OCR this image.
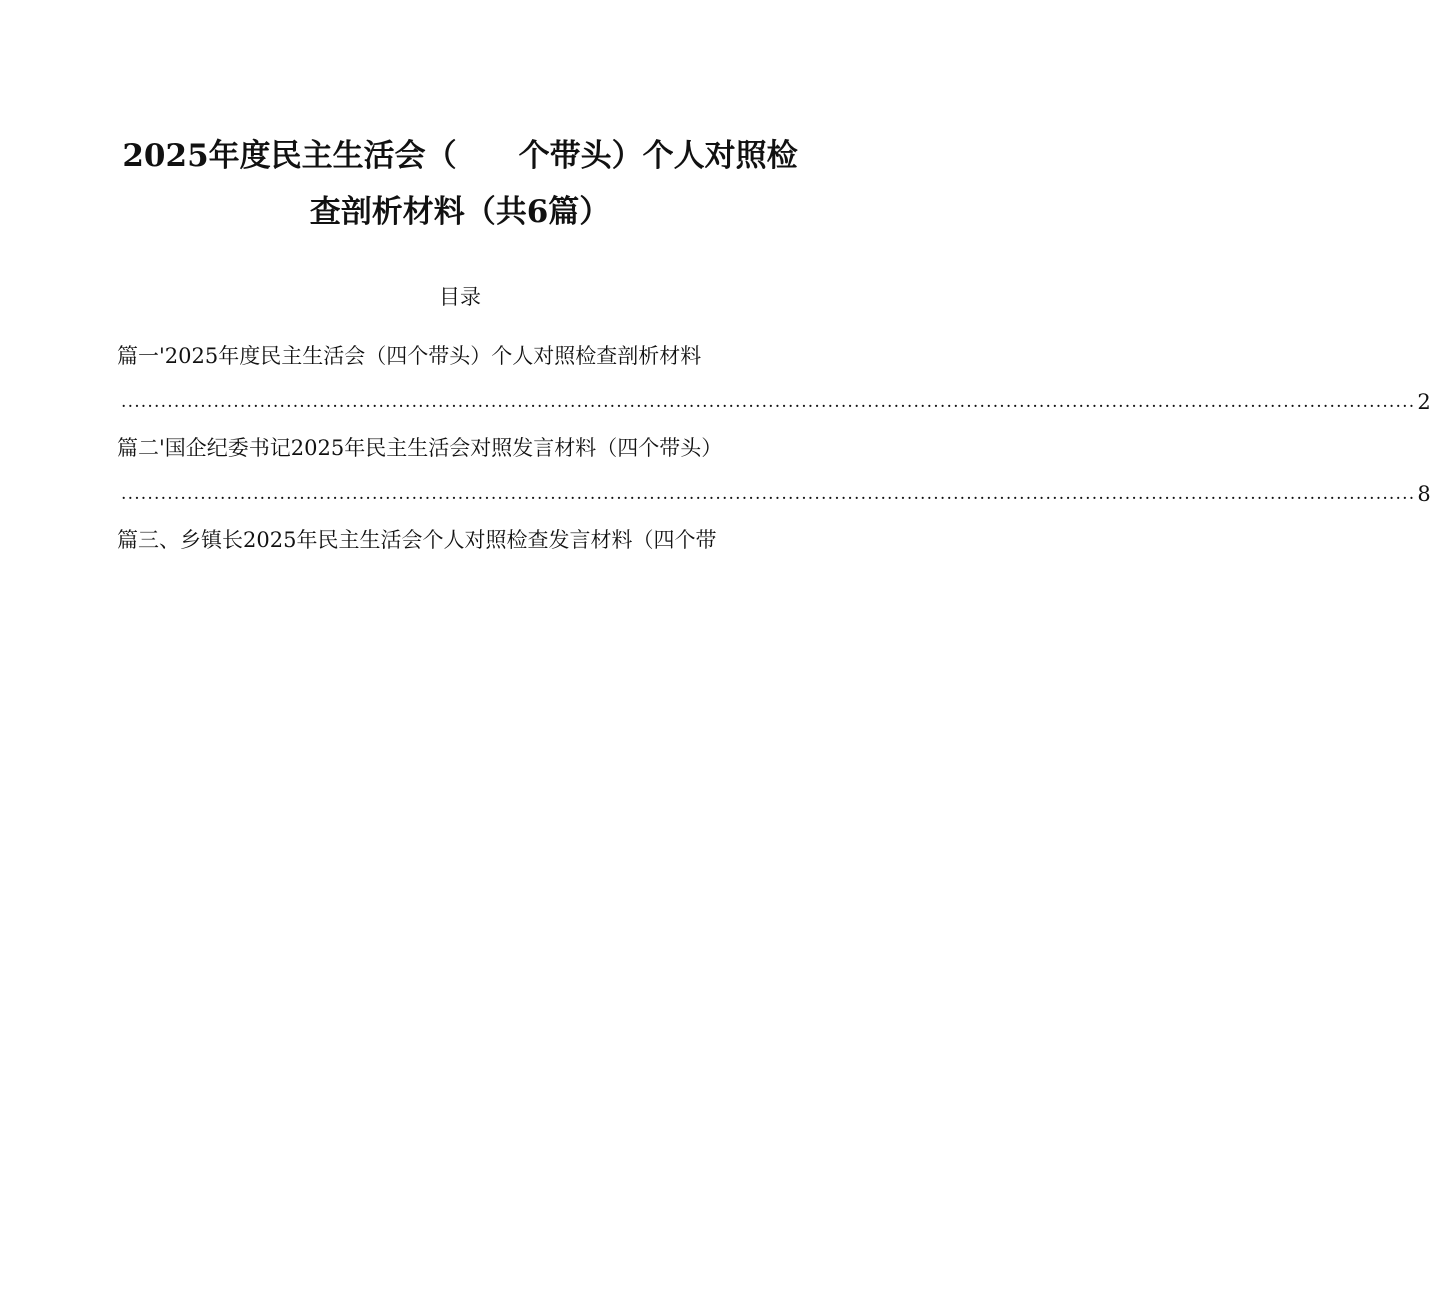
2025年度民主生活会（　　个带头）个人对照检
查剖析材料（共6篇）
目录
篇一'2025年度民主生活会（四个带头）个人对照检查剖析材料
.................................................................................................................................................................................................... 2
篇二'国企纪委书记2025年民主生活会对照发言材料（四个带头）
.................................................................................................................................................................................................... 8
篇三、乡镇长2025年民主生活会个人对照检查发言材料（四个带
